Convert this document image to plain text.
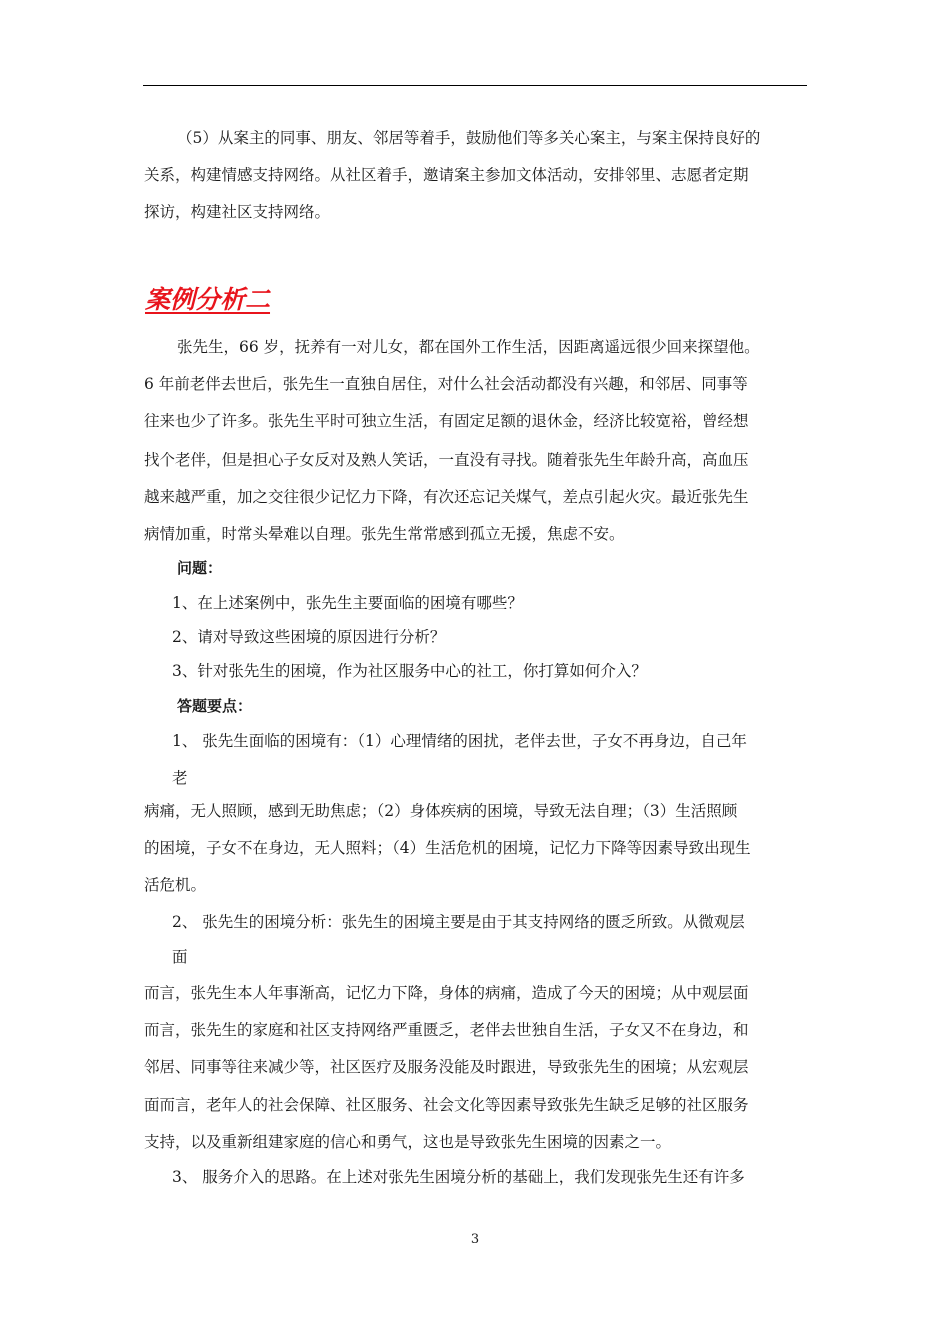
（5）从案主的同事、朋友、邻居等着手，鼓励他们等多关心案主，与案主保持良好的
关系，构建情感支持网络。从社区着手，邀请案主参加文体活动，安排邻里、志愿者定期
探访，构建社区支持网络。
案例分析二
张先生，66 岁，抚养有一对儿女，都在国外工作生活，因距离遥远很少回来探望他。
6 年前老伴去世后，张先生一直独自居住，对什么社会活动都没有兴趣，和邻居、同事等
往来也少了许多。张先生平时可独立生活，有固定足额的退休金，经济比较宽裕，曾经想
找个老伴，但是担心子女反对及熟人笑话，一直没有寻找。随着张先生年龄升高，高血压
越来越严重，加之交往很少记忆力下降，有次还忘记关煤气，差点引起火灾。最近张先生
病情加重，时常头晕难以自理。张先生常常感到孤立无援，焦虑不安。
问题：
1、在上述案例中，张先生主要面临的困境有哪些？
2、请对导致这些困境的原因进行分析？
3、针对张先生的困境，作为社区服务中心的社工，你打算如何介入？
答题要点：
1、 张先生面临的困境有：（1）心理情绪的困扰，老伴去世，子女不再身边，自己年
老
病痛，无人照顾，感到无助焦虑；（2）身体疾病的困境，导致无法自理；（3）生活照顾
的困境，子女不在身边，无人照料；（4）生活危机的困境，记忆力下降等因素导致出现生
活危机。
2、 张先生的困境分析：张先生的困境主要是由于其支持网络的匮乏所致。从微观层
面
而言，张先生本人年事渐高，记忆力下降，身体的病痛，造成了今天的困境；从中观层面
而言，张先生的家庭和社区支持网络严重匮乏，老伴去世独自生活，子女又不在身边，和
邻居、同事等往来减少等，社区医疗及服务没能及时跟进，导致张先生的困境；从宏观层
面而言，老年人的社会保障、社区服务、社会文化等因素导致张先生缺乏足够的社区服务
支持，以及重新组建家庭的信心和勇气，这也是导致张先生困境的因素之一。
3、 服务介入的思路。在上述对张先生困境分析的基础上，我们发现张先生还有许多
3
